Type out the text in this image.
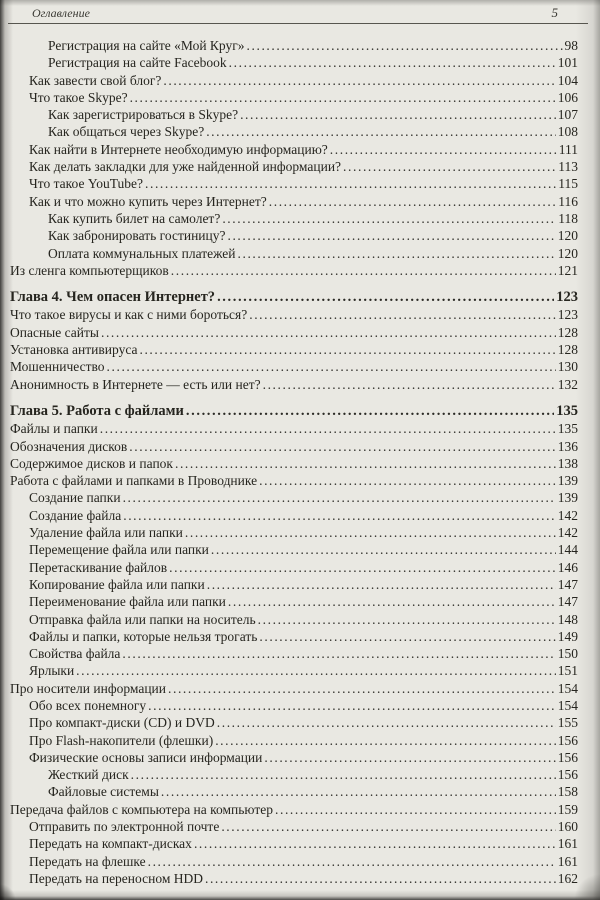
Оглавление	5
Регистрация на сайте «Мой Круг» .....	98
Регистрация на сайте Facebook .....	101
Как завести свой блог? .....	104
Что такое Skype? .....	106
Как зарегистрироваться в Skype? .....	107
Как общаться через Skype? .....	108
Как найти в Интернете необходимую информацию? .....	111
Как делать закладки для уже найденной информации? .....	113
Что такое YouTube? .....	115
Как и что можно купить через Интернет? .....	116
Как купить билет на самолет? .....	118
Как забронировать гостиницу? .....	120
Оплата коммунальных платежей .....	120
Из сленга компьютерщиков .....	121
Глава 4. Чем опасен Интернет? .....	123
Что такое вирусы и как с ними бороться? .....	123
Опасные сайты .....	128
Установка антивируса .....	128
Мошенничество .....	130
Анонимность в Интернете — есть или нет? .....	132
Глава 5. Работа с файлами .....	135
Файлы и папки .....	135
Обозначения дисков .....	136
Содержимое дисков и папок .....	138
Работа с файлами и папками в Проводнике .....	139
Создание папки .....	139
Создание файла .....	142
Удаление файла или папки .....	142
Перемещение файла или папки .....	144
Перетаскивание файлов .....	146
Копирование файла или папки .....	147
Переименование файла или папки .....	147
Отправка файла или папки на носитель .....	148
Файлы и папки, которые нельзя трогать .....	149
Свойства файла .....	150
Ярлыки .....	151
Про носители информации .....	154
Обо всех понемногу .....	154
Про компакт-диски (CD) и DVD .....	155
Про Flash-накопители (флешки) .....	156
Физические основы записи информации .....	156
Жесткий диск .....	156
Файловые системы .....	158
Передача файлов с компьютера на компьютер .....	159
Отправить по электронной почте .....	160
Передать на компакт-дисках .....	161
Передать на флешке .....	161
Передать на переносном HDD .....	162
